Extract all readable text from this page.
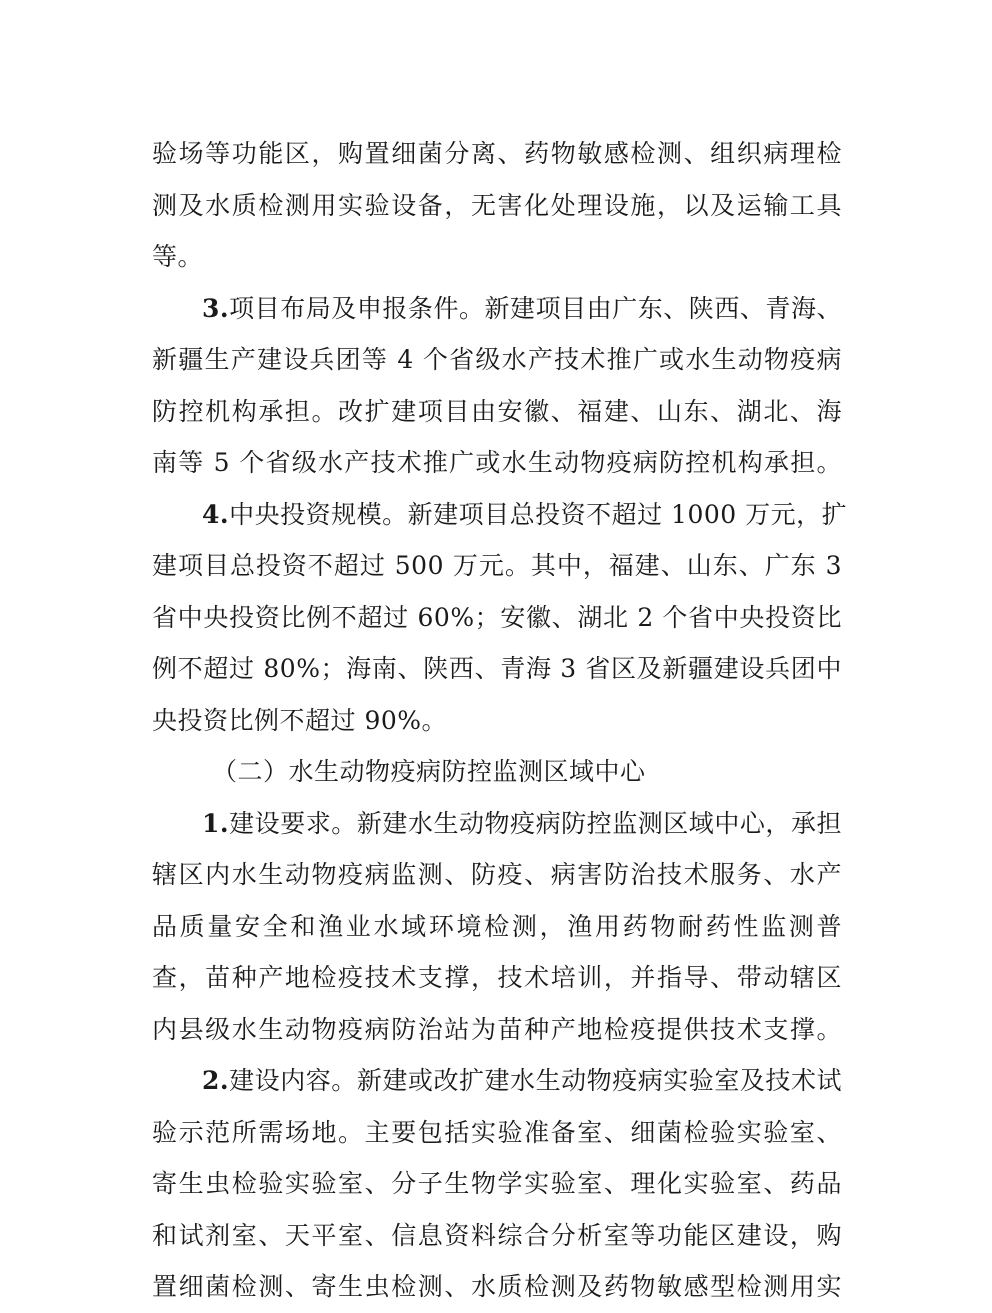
验场等功能区，购置细菌分离、药物敏感检测、组织病理检
测及水质检测用实验设备，无害化处理设施，以及运输工具
等。

3.项目布局及申报条件。新建项目由广东、陕西、青海、
新疆生产建设兵团等 4 个省级水产技术推广或水生动物疫病
防控机构承担。改扩建项目由安徽、福建、山东、湖北、海
南等 5 个省级水产技术推广或水生动物疫病防控机构承担。

4.中央投资规模。新建项目总投资不超过 1000 万元，扩
建项目总投资不超过 500 万元。其中，福建、山东、广东 3
省中央投资比例不超过 60%；安徽、湖北 2 个省中央投资比
例不超过 80%；海南、陕西、青海 3 省区及新疆建设兵团中
央投资比例不超过 90%。

（二）水生动物疫病防控监测区域中心

1.建设要求。新建水生动物疫病防控监测区域中心，承担
辖区内水生动物疫病监测、防疫、病害防治技术服务、水产
品质量安全和渔业水域环境检测，渔用药物耐药性监测普
查，苗种产地检疫技术支撑，技术培训，并指导、带动辖区
内县级水生动物疫病防治站为苗种产地检疫提供技术支撑。

2.建设内容。新建或改扩建水生动物疫病实验室及技术试
验示范所需场地。主要包括实验准备室、细菌检验实验室、
寄生虫检验实验室、分子生物学实验室、理化实验室、药品
和试剂室、天平室、信息资料综合分析室等功能区建设，购
置细菌检测、寄生虫检测、水质检测及药物敏感型检测用实
